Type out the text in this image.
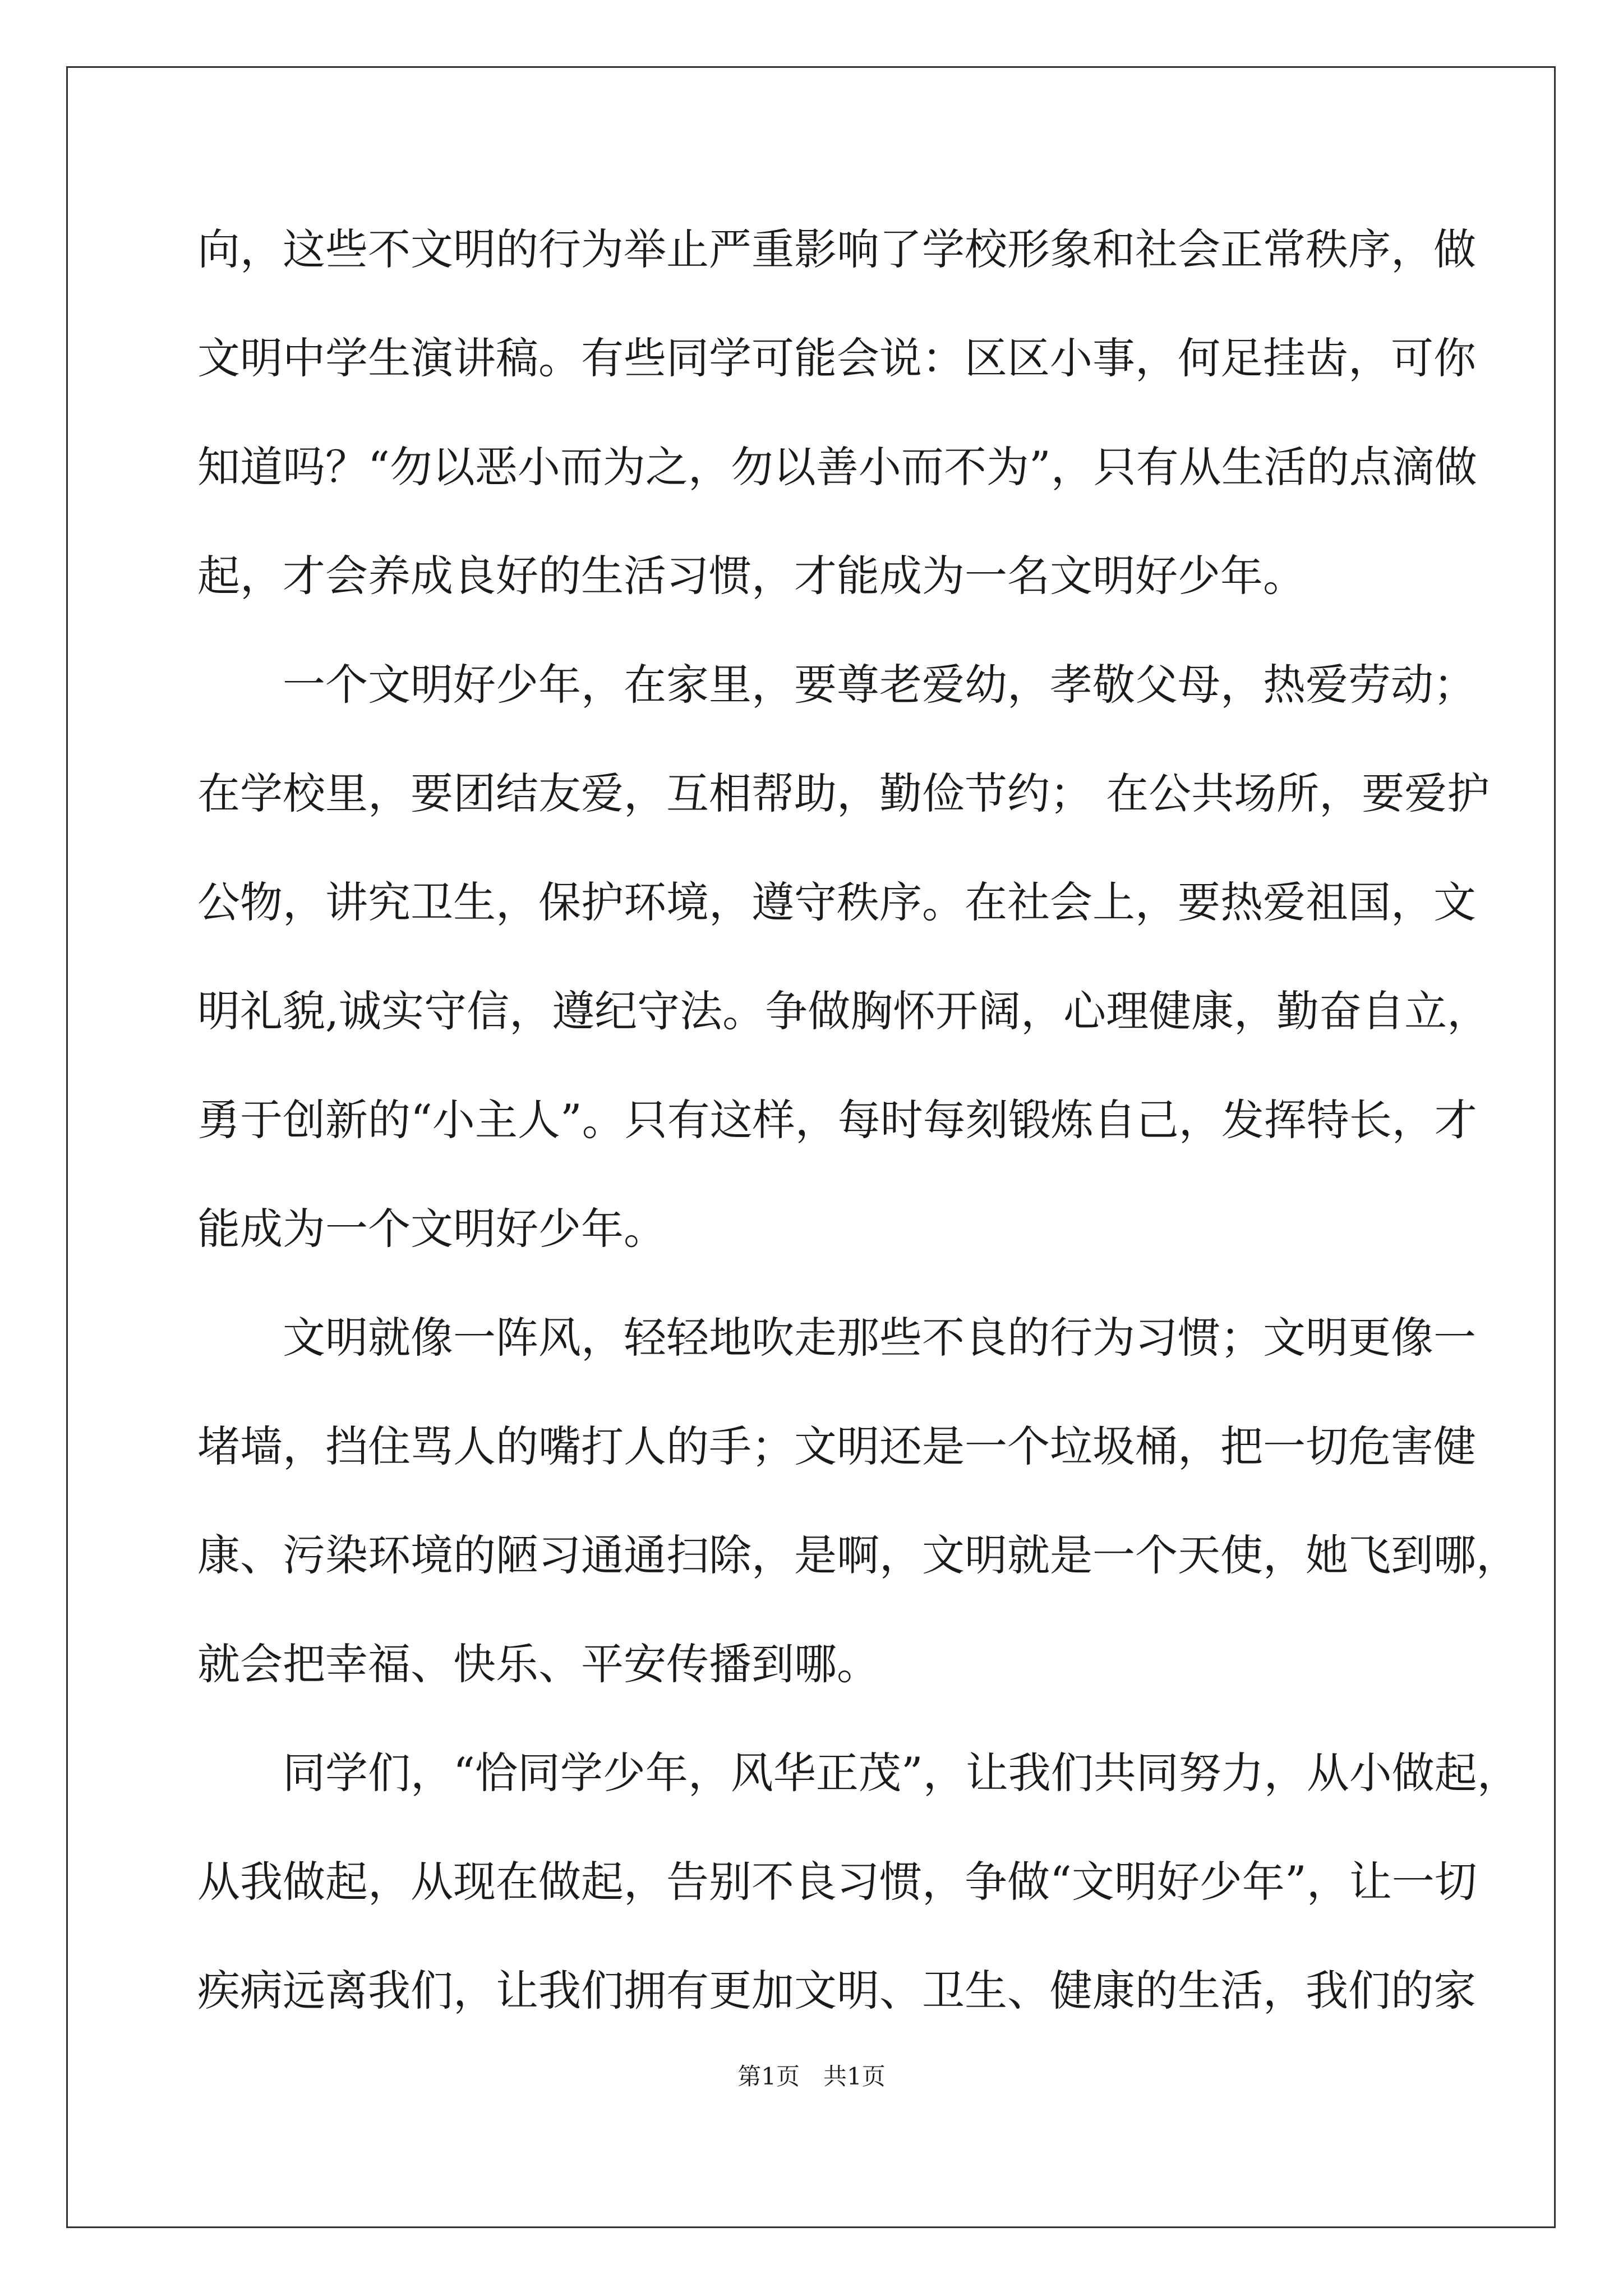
向，这些不文明的行为举止严重影响了学校形象和社会正常秩序，做
文明中学生演讲稿。有些同学可能会说：区区小事，何足挂齿，可你
知道吗？“勿以恶小而为之，勿以善小而不为”，只有从生活的点滴做
起，才会养成良好的生活习惯，才能成为一名文明好少年。
一个文明好少年，在家里，要尊老爱幼，孝敬父母，热爱劳动；
在学校里，要团结友爱，互相帮助，勤俭节约； 在公共场所，要爱护
公物，讲究卫生，保护环境，遵守秩序。在社会上，要热爱祖国，文
明礼貌,诚实守信，遵纪守法。争做胸怀开阔，心理健康，勤奋自立，
勇于创新的“小主人”。只有这样，每时每刻锻炼自己，发挥特长，才
能成为一个文明好少年。
文明就像一阵风，轻轻地吹走那些不良的行为习惯；文明更像一
堵墙，挡住骂人的嘴打人的手；文明还是一个垃圾桶，把一切危害健
康、污染环境的陋习通通扫除，是啊，文明就是一个天使，她飞到哪，
就会把幸福、快乐、平安传播到哪。
同学们，“恰同学少年，风华正茂”，让我们共同努力，从小做起，
从我做起，从现在做起，告别不良习惯，争做“文明好少年”，让一切
疾病远离我们，让我们拥有更加文明、卫生、健康的生活，我们的家
第1页　共1页
